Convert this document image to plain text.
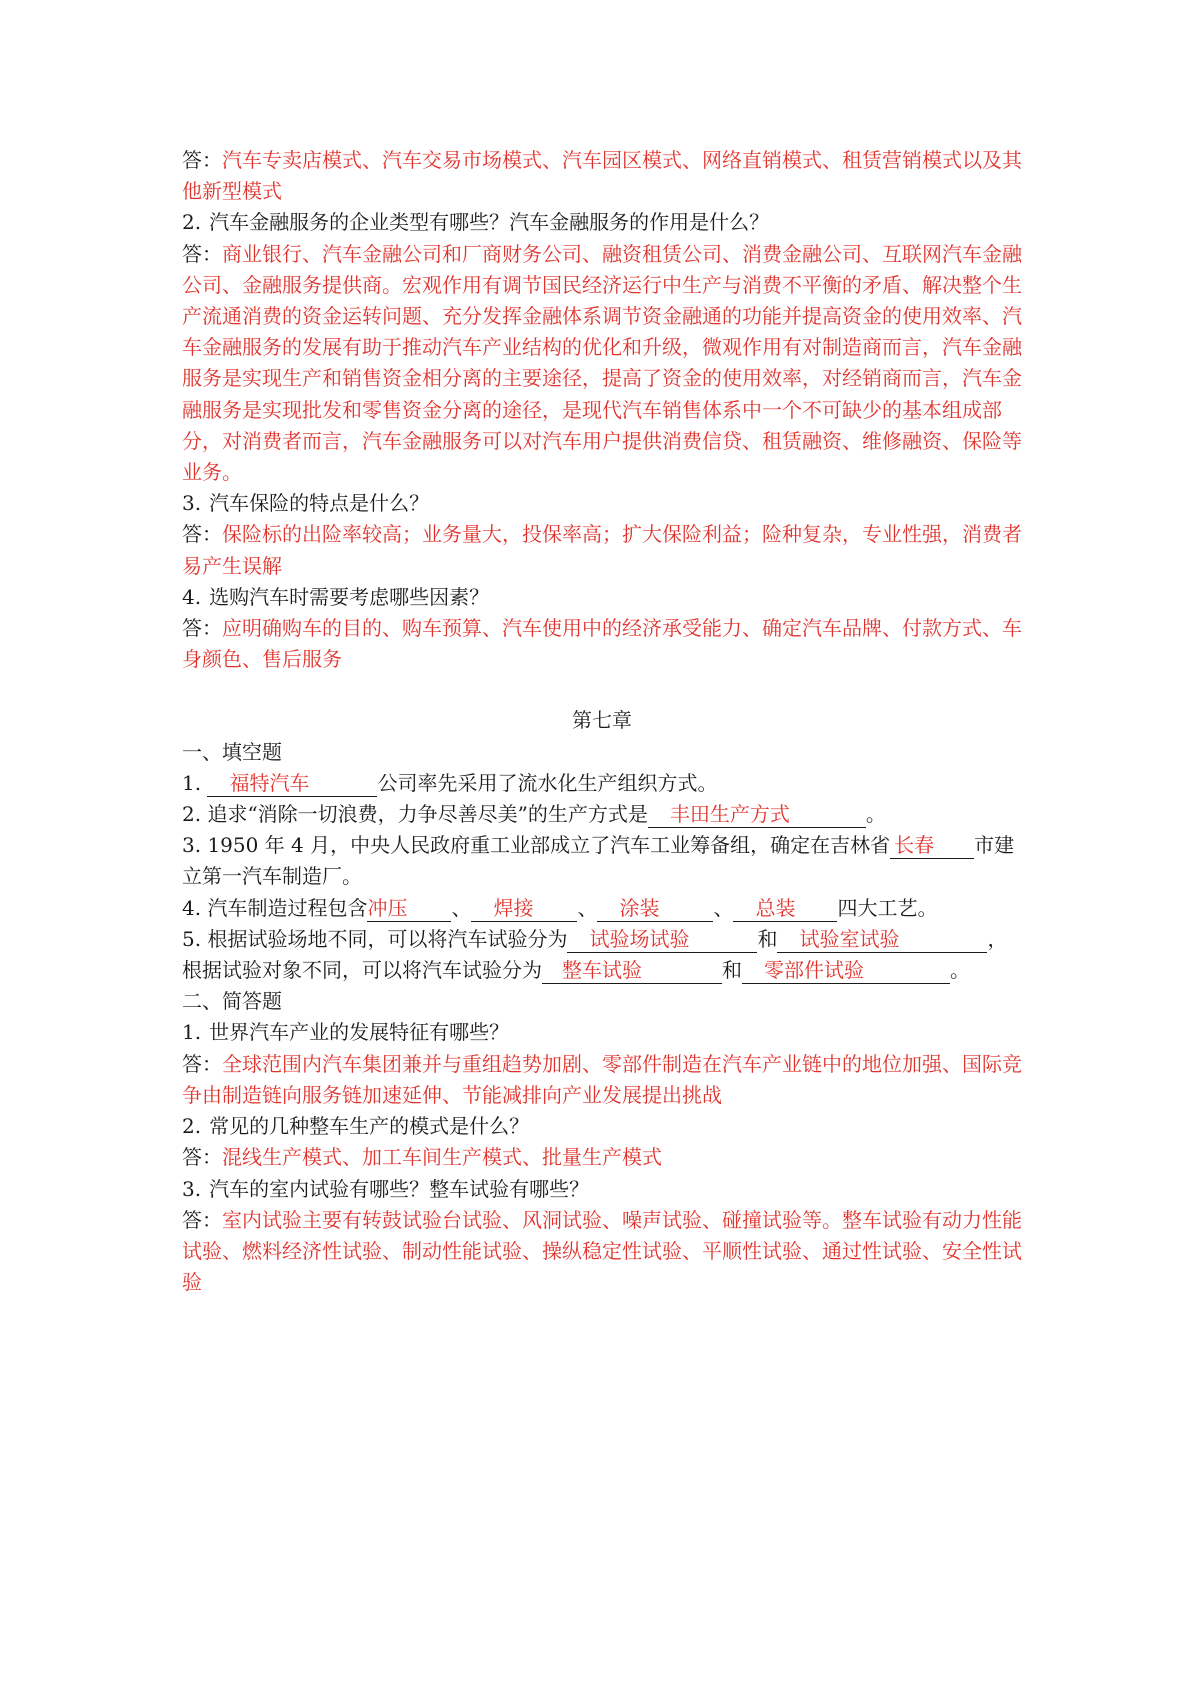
答：汽车专卖店模式、汽车交易市场模式、汽车园区模式、网络直销模式、租赁营销模式以及其他新型模式

2. 汽车金融服务的企业类型有哪些？汽车金融服务的作用是什么？

答：商业银行、汽车金融公司和厂商财务公司、融资租赁公司、消费金融公司、互联网汽车金融公司、金融服务提供商。宏观作用有调节国民经济运行中生产与消费不平衡的矛盾、解决整个生产流通消费的资金运转问题、充分发挥金融体系调节资金融通的功能并提高资金的使用效率、汽车金融服务的发展有助于推动汽车产业结构的优化和升级，微观作用有对制造商而言，汽车金融服务是实现生产和销售资金相分离的主要途径，提高了资金的使用效率，对经销商而言，汽车金融服务是实现批发和零售资金分离的途径，是现代汽车销售体系中一个不可缺少的基本组成部分，对消费者而言，汽车金融服务可以对汽车用户提供消费信贷、租赁融资、维修融资、保险等业务。

3. 汽车保险的特点是什么？

答：保险标的出险率较高；业务量大，投保率高；扩大保险利益；险种复杂，专业性强，消费者易产生误解

4. 选购汽车时需要考虑哪些因素？

答：应明确购车的目的、购车预算、汽车使用中的经济承受能力、确定汽车品牌、付款方式、车身颜色、售后服务

第七章

一、填空题

1. 福特汽车	公司率先采用了流水化生产组织方式。

2. 追求“消除一切浪费，力争尽善尽美”的生产方式是 丰田生产方式	。

3. 1950 年 4 月，中央人民政府重工业部成立了汽车工业筹备组，确定在吉林省 长春 市建立第一汽车制造厂。

4. 汽车制造过程包含冲压 、 焊接 、 涂装	、 总装 四大工艺。

5. 根据试验场地不同，可以将汽车试验分为 试验场试验	和 试验室试验	，

根据试验对象不同，可以将汽车试验分为 整车试验	和 零部件试验	。

二、简答题

1. 世界汽车产业的发展特征有哪些？

答：全球范围内汽车集团兼并与重组趋势加剧、零部件制造在汽车产业链中的地位加强、国际竞争由制造链向服务链加速延伸、节能减排向产业发展提出挑战

2. 常见的几种整车生产的模式是什么？

答：混线生产模式、加工车间生产模式、批量生产模式

3. 汽车的室内试验有哪些？整车试验有哪些？

答：室内试验主要有转鼓试验台试验、风洞试验、噪声试验、碰撞试验等。整车试验有动力性能试验、燃料经济性试验、制动性能试验、操纵稳定性试验、平顺性试验、通过性试验、安全性试验
